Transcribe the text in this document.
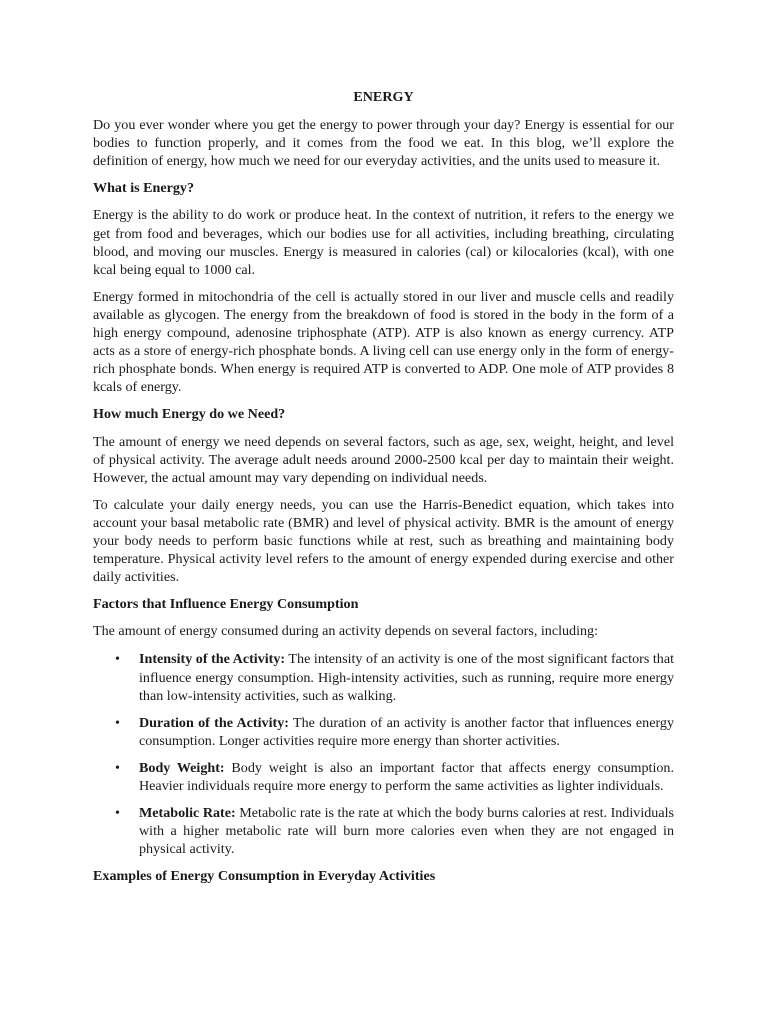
ENERGY

Do you ever wonder where you get the energy to power through your day? Energy is essential for our bodies to function properly, and it comes from the food we eat. In this blog, we’ll explore the definition of energy, how much we need for our everyday activities, and the units used to measure it.

What is Energy?

Energy is the ability to do work or produce heat. In the context of nutrition, it refers to the energy we get from food and beverages, which our bodies use for all activities, including breathing, circulating blood, and moving our muscles. Energy is measured in calories (cal) or kilocalories (kcal), with one kcal being equal to 1000 cal.

Energy formed in mitochondria of the cell is actually stored in our liver and muscle cells and readily available as glycogen. The energy from the breakdown of food is stored in the body in the form of a high energy compound, adenosine triphosphate (ATP). ATP is also known as energy currency. ATP acts as a store of energy-rich phosphate bonds. A living cell can use energy only in the form of energy-rich phosphate bonds. When energy is required ATP is converted to ADP. One mole of ATP provides 8 kcals of energy.

How much Energy do we Need?

The amount of energy we need depends on several factors, such as age, sex, weight, height, and level of physical activity. The average adult needs around 2000-2500 kcal per day to maintain their weight. However, the actual amount may vary depending on individual needs.

To calculate your daily energy needs, you can use the Harris-Benedict equation, which takes into account your basal metabolic rate (BMR) and level of physical activity. BMR is the amount of energy your body needs to perform basic functions while at rest, such as breathing and maintaining body temperature. Physical activity level refers to the amount of energy expended during exercise and other daily activities.

Factors that Influence Energy Consumption

The amount of energy consumed during an activity depends on several factors, including:

• Intensity of the Activity: The intensity of an activity is one of the most significant factors that influence energy consumption. High-intensity activities, such as running, require more energy than low-intensity activities, such as walking.
• Duration of the Activity: The duration of an activity is another factor that influences energy consumption. Longer activities require more energy than shorter activities.
• Body Weight: Body weight is also an important factor that affects energy consumption. Heavier individuals require more energy to perform the same activities as lighter individuals.
• Metabolic Rate: Metabolic rate is the rate at which the body burns calories at rest. Individuals with a higher metabolic rate will burn more calories even when they are not engaged in physical activity.
Examples of Energy Consumption in Everyday Activities
